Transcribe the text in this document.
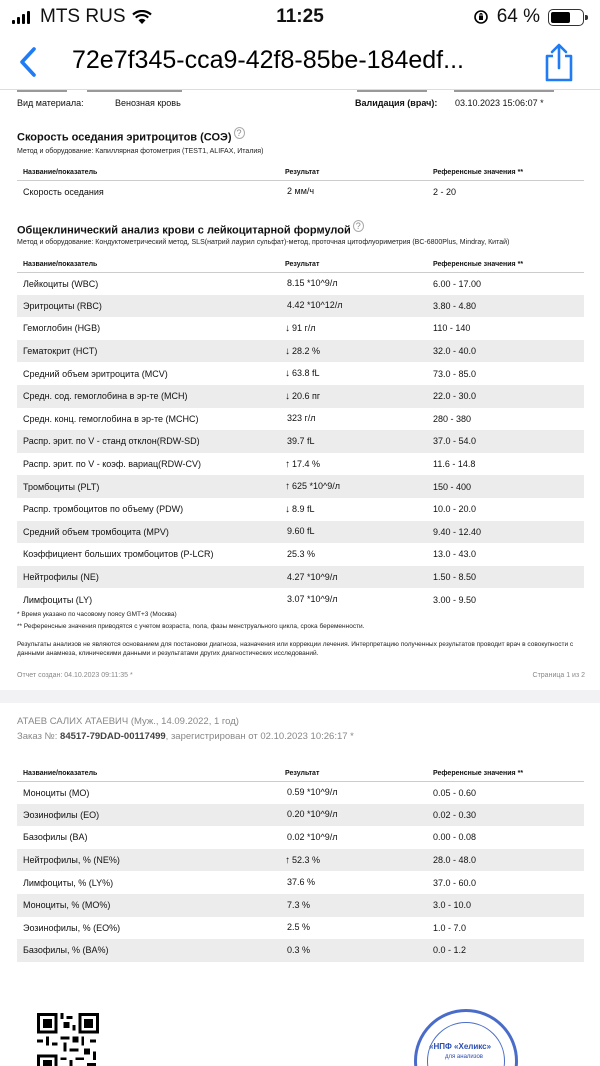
MTS RUS	11:25	64 %
72e7f345-cca9-42f8-85be-184edf...
Вид материала:	Венозная кровь	Валидация (врач): 03.10.2023 15:06:07 *
Скорость оседания эритроцитов (СОЭ) ?
Метод и оборудование: Капиллярная фотометрия (TEST1, ALIFAX, Италия)
Название/показатель	Результат	Референсные значения **
Скорость оседания	2 мм/ч	2 - 20
Общеклинический анализ крови с лейкоцитарной формулой ?
Метод и оборудование: Кондуктометрический метод, SLS(натрий лаурил сульфат)-метод, проточная цитофлуориметрия (BC-6800Plus, Mindray, Китай)
Название/показатель	Результат	Референсные значения **
Лейкоциты (WBC)	8.15 *10^9/л	6.00 - 17.00
Эритроциты (RBC)	4.42 *10^12/л	3.80 - 4.80
Гемоглобин (HGB)	↓ 91 г/л	110 - 140
Гематокрит (HCT)	↓ 28.2 %	32.0 - 40.0
Средний объем эритроцита (MCV)	↓ 63.8 fL	73.0 - 85.0
Средн. сод. гемоглобина в эр-те (MCH)	↓ 20.6 пг	22.0 - 30.0
Средн. конц. гемоглобина в эр-те (MCHC)	323 г/л	280 - 380
Распр. эрит. по V - станд отклон(RDW-SD)	39.7 fL	37.0 - 54.0
Распр. эрит. по V - коэф. вариац(RDW-CV)	↑ 17.4 %	11.6 - 14.8
Тромбоциты (PLT)	↑ 625 *10^9/л	150 - 400
Распр. тромбоцитов по объему (PDW)	↓ 8.9 fL	10.0 - 20.0
Средний объем тромбоцита (MPV)	9.60 fL	9.40 - 12.40
Коэффициент больших тромбоцитов (P-LCR)	25.3 %	13.0 - 43.0
Нейтрофилы (NE)	4.27 *10^9/л	1.50 - 8.50
Лимфоциты (LY)	3.07 *10^9/л	3.00 - 9.50
* Время указано по часовому поясу GMT+3 (Москва)
** Референсные значения приводятся с учетом возраста, пола, фазы менструального цикла, срока беременности.
Результаты анализов не являются основанием для постановки диагноза, назначения или коррекции лечения. Интерпретацию полученных результатов проводит врач в совокупности с данными анамнеза, клиническими данными и результатами других диагностических исследований.
Отчет создан: 04.10.2023 09:11:35 *	Страница 1 из 2
АТАЕВ САЛИХ АТАЕВИЧ (Муж., 14.09.2022, 1 год)
Заказ №: 84517-79DAD-00117499, зарегистрирован от 02.10.2023 10:26:17 *
Название/показатель	Результат	Референсные значения **
Моноциты (MO)	0.59 *10^9/л	0.05 - 0.60
Эозинофилы (EO)	0.20 *10^9/л	0.02 - 0.30
Базофилы (BA)	0.02 *10^9/л	0.00 - 0.08
Нейтрофилы, % (NE%)	↑ 52.3 %	28.0 - 48.0
Лимфоциты, % (LY%)	37.6 %	37.0 - 60.0
Моноциты, % (MO%)	7.3 %	3.0 - 10.0
Эозинофилы, % (EO%)	2.5 %	1.0 - 7.0
Базофилы, % (BA%)	0.3 %	0.0 - 1.2
«НПФ «Хеликс»
для анализов
